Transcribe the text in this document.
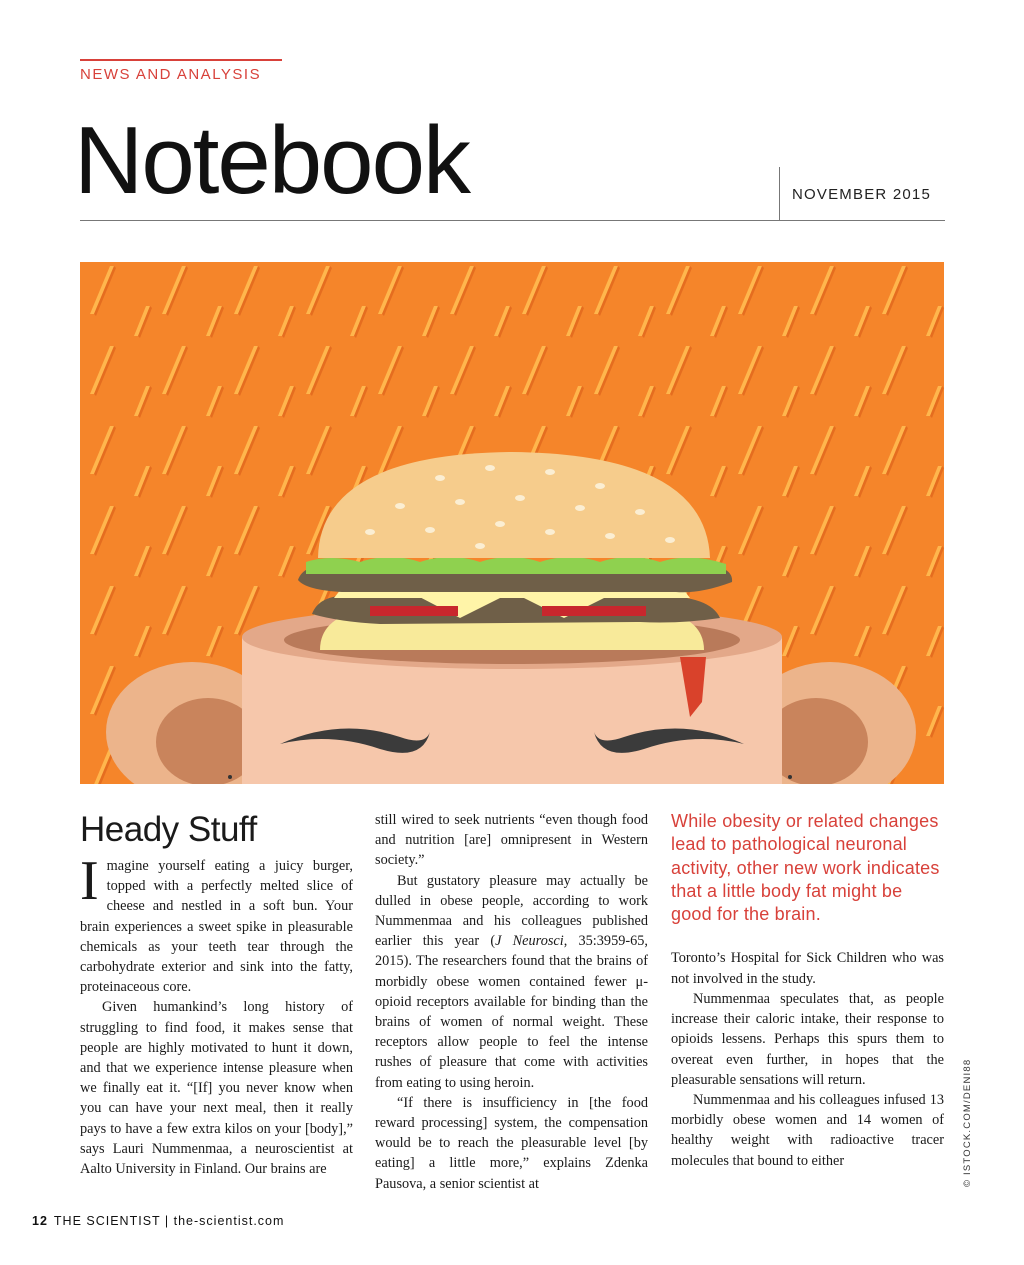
NEWS AND ANALYSIS
Notebook	NOVEMBER 2015
Heady Stuff

Imagine yourself eating a juicy burger, topped with a perfectly melted slice of cheese and nestled in a soft bun. Your brain experiences a sweet spike in pleasurable chemicals as your teeth tear through the carbohydrate exterior and sink into the fatty, proteinaceous core.

Given humankind’s long history of struggling to find food, it makes sense that people are highly motivated to hunt it down, and that we experience intense pleasure when we finally eat it. “[If] you never know when you can have your next meal, then it really pays to have a few extra kilos on your [body],” says Lauri Nummenmaa, a neuroscientist at Aalto University in Finland. Our brains are

still wired to seek nutrients “even though food and nutrition [are] omnipresent in Western society.”

But gustatory pleasure may actually be dulled in obese people, according to work Nummenmaa and his colleagues published earlier this year (J Neurosci, 35:3959-65, 2015). The researchers found that the brains of morbidly obese women contained fewer μ-opioid receptors available for binding than the brains of women of normal weight. These receptors allow people to feel the intense rushes of pleasure that come with activities from eating to using heroin.

“If there is insufficiency in [the food reward processing] system, the compensation would be to reach the pleasurable level [by eating] a little more,” explains Zdenka Pausova, a senior scientist at

While obesity or related changes lead to pathological neuronal activity, other new work indicates that a little body fat might be good for the brain.

Toronto’s Hospital for Sick Children who was not involved in the study.

Nummenmaa speculates that, as people increase their caloric intake, their response to opioids lessens. Perhaps this spurs them to overeat even further, in hopes that the pleasurable sensations will return.

Nummenmaa and his colleagues infused 13 morbidly obese women and 14 women of healthy weight with radioactive tracer molecules that bound to either	© ISTOCK.COM/DENI88
12 THE SCIENTIST | the-scientist.com
